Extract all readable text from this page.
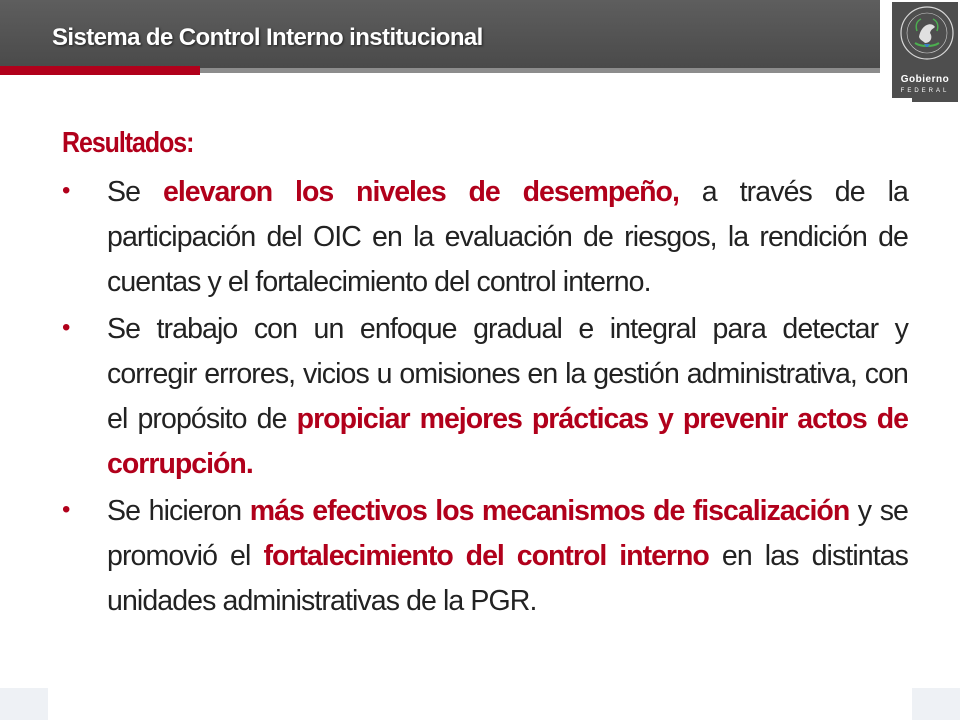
Sistema de Control Interno institucional
Gobierno
FEDERAL
Resultados:
• Se elevaron los niveles de desempeño, a través de la participación del OIC en la evaluación de riesgos, la rendición de cuentas y el fortalecimiento del control interno.
• Se trabajo con un enfoque gradual e integral para detectar y corregir errores, vicios u omisiones en la gestión administrativa, con el propósito de propiciar mejores prácticas y prevenir actos de corrupción.
• Se hicieron más efectivos los mecanismos de fiscalización y se promovió el fortalecimiento del control interno en las distintas unidades administrativas de la PGR.
